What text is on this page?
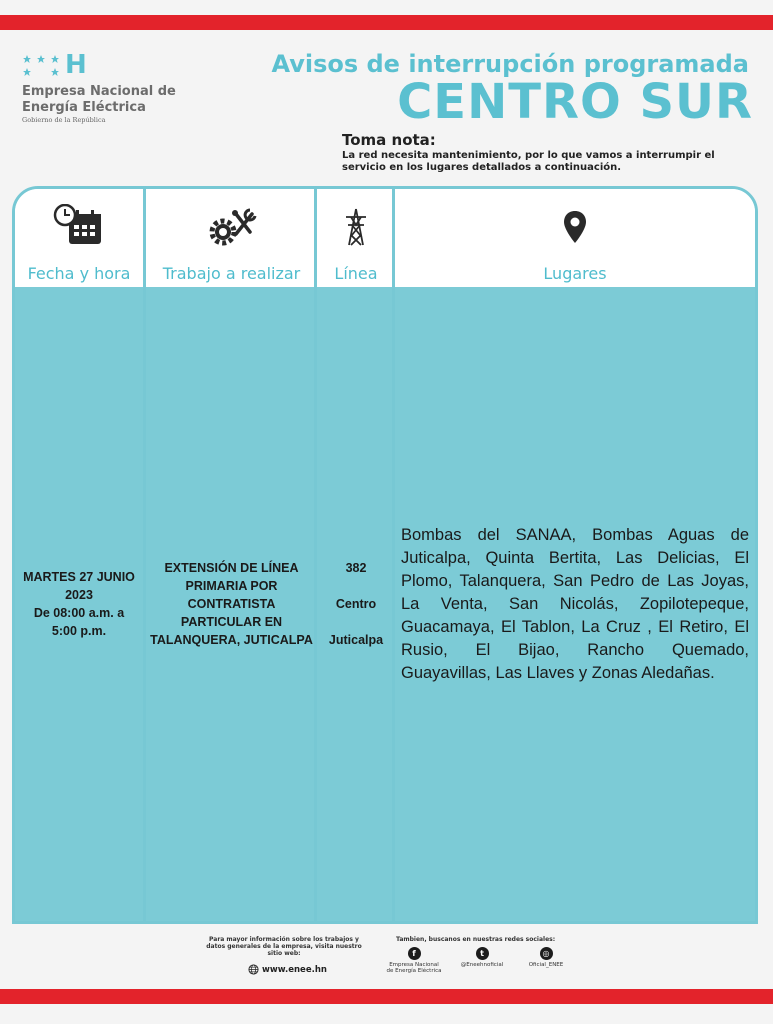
H
Empresa Nacional de Energía Eléctrica
Gobierno de la República
Avisos de interrupción programada
CENTRO SUR
Toma nota:
La red necesita mantenimiento, por lo que vamos a interrumpir el servicio en los lugares detallados a continuación.
Fecha y hora
MARTES 27 JUNIO
2023
De 08:00 a.m. a
5:00 p.m.
Trabajo a realizar
EXTENSIÓN DE LÍNEA PRIMARIA POR CONTRATISTA PARTICULAR EN TALANQUERA, JUTICALPA
Línea
382
Centro
Juticalpa
Lugares
Bombas del SANAA, Bombas Aguas de Juticalpa, Quinta Bertita, Las Delicias, El Plomo, Talanquera, San Pedro de Las Joyas, La Venta, San Nicolás, Zopilotepeque, Guacamaya, El Tablon, La Cruz , El Retiro, El Rusio, El Bijao, Rancho Quemado, Guayavillas, Las Llaves y Zonas Aledañas.
Para mayor información sobre los trabajos y datos generales de la empresa, visita nuestro sitio web:
www.enee.hn
Tambien, buscanos en nuestras redes sociales:
f
Empresa Nacional de Energía Eléctrica
t
@Eneehnoficial
◎
Oficial_ENEE
